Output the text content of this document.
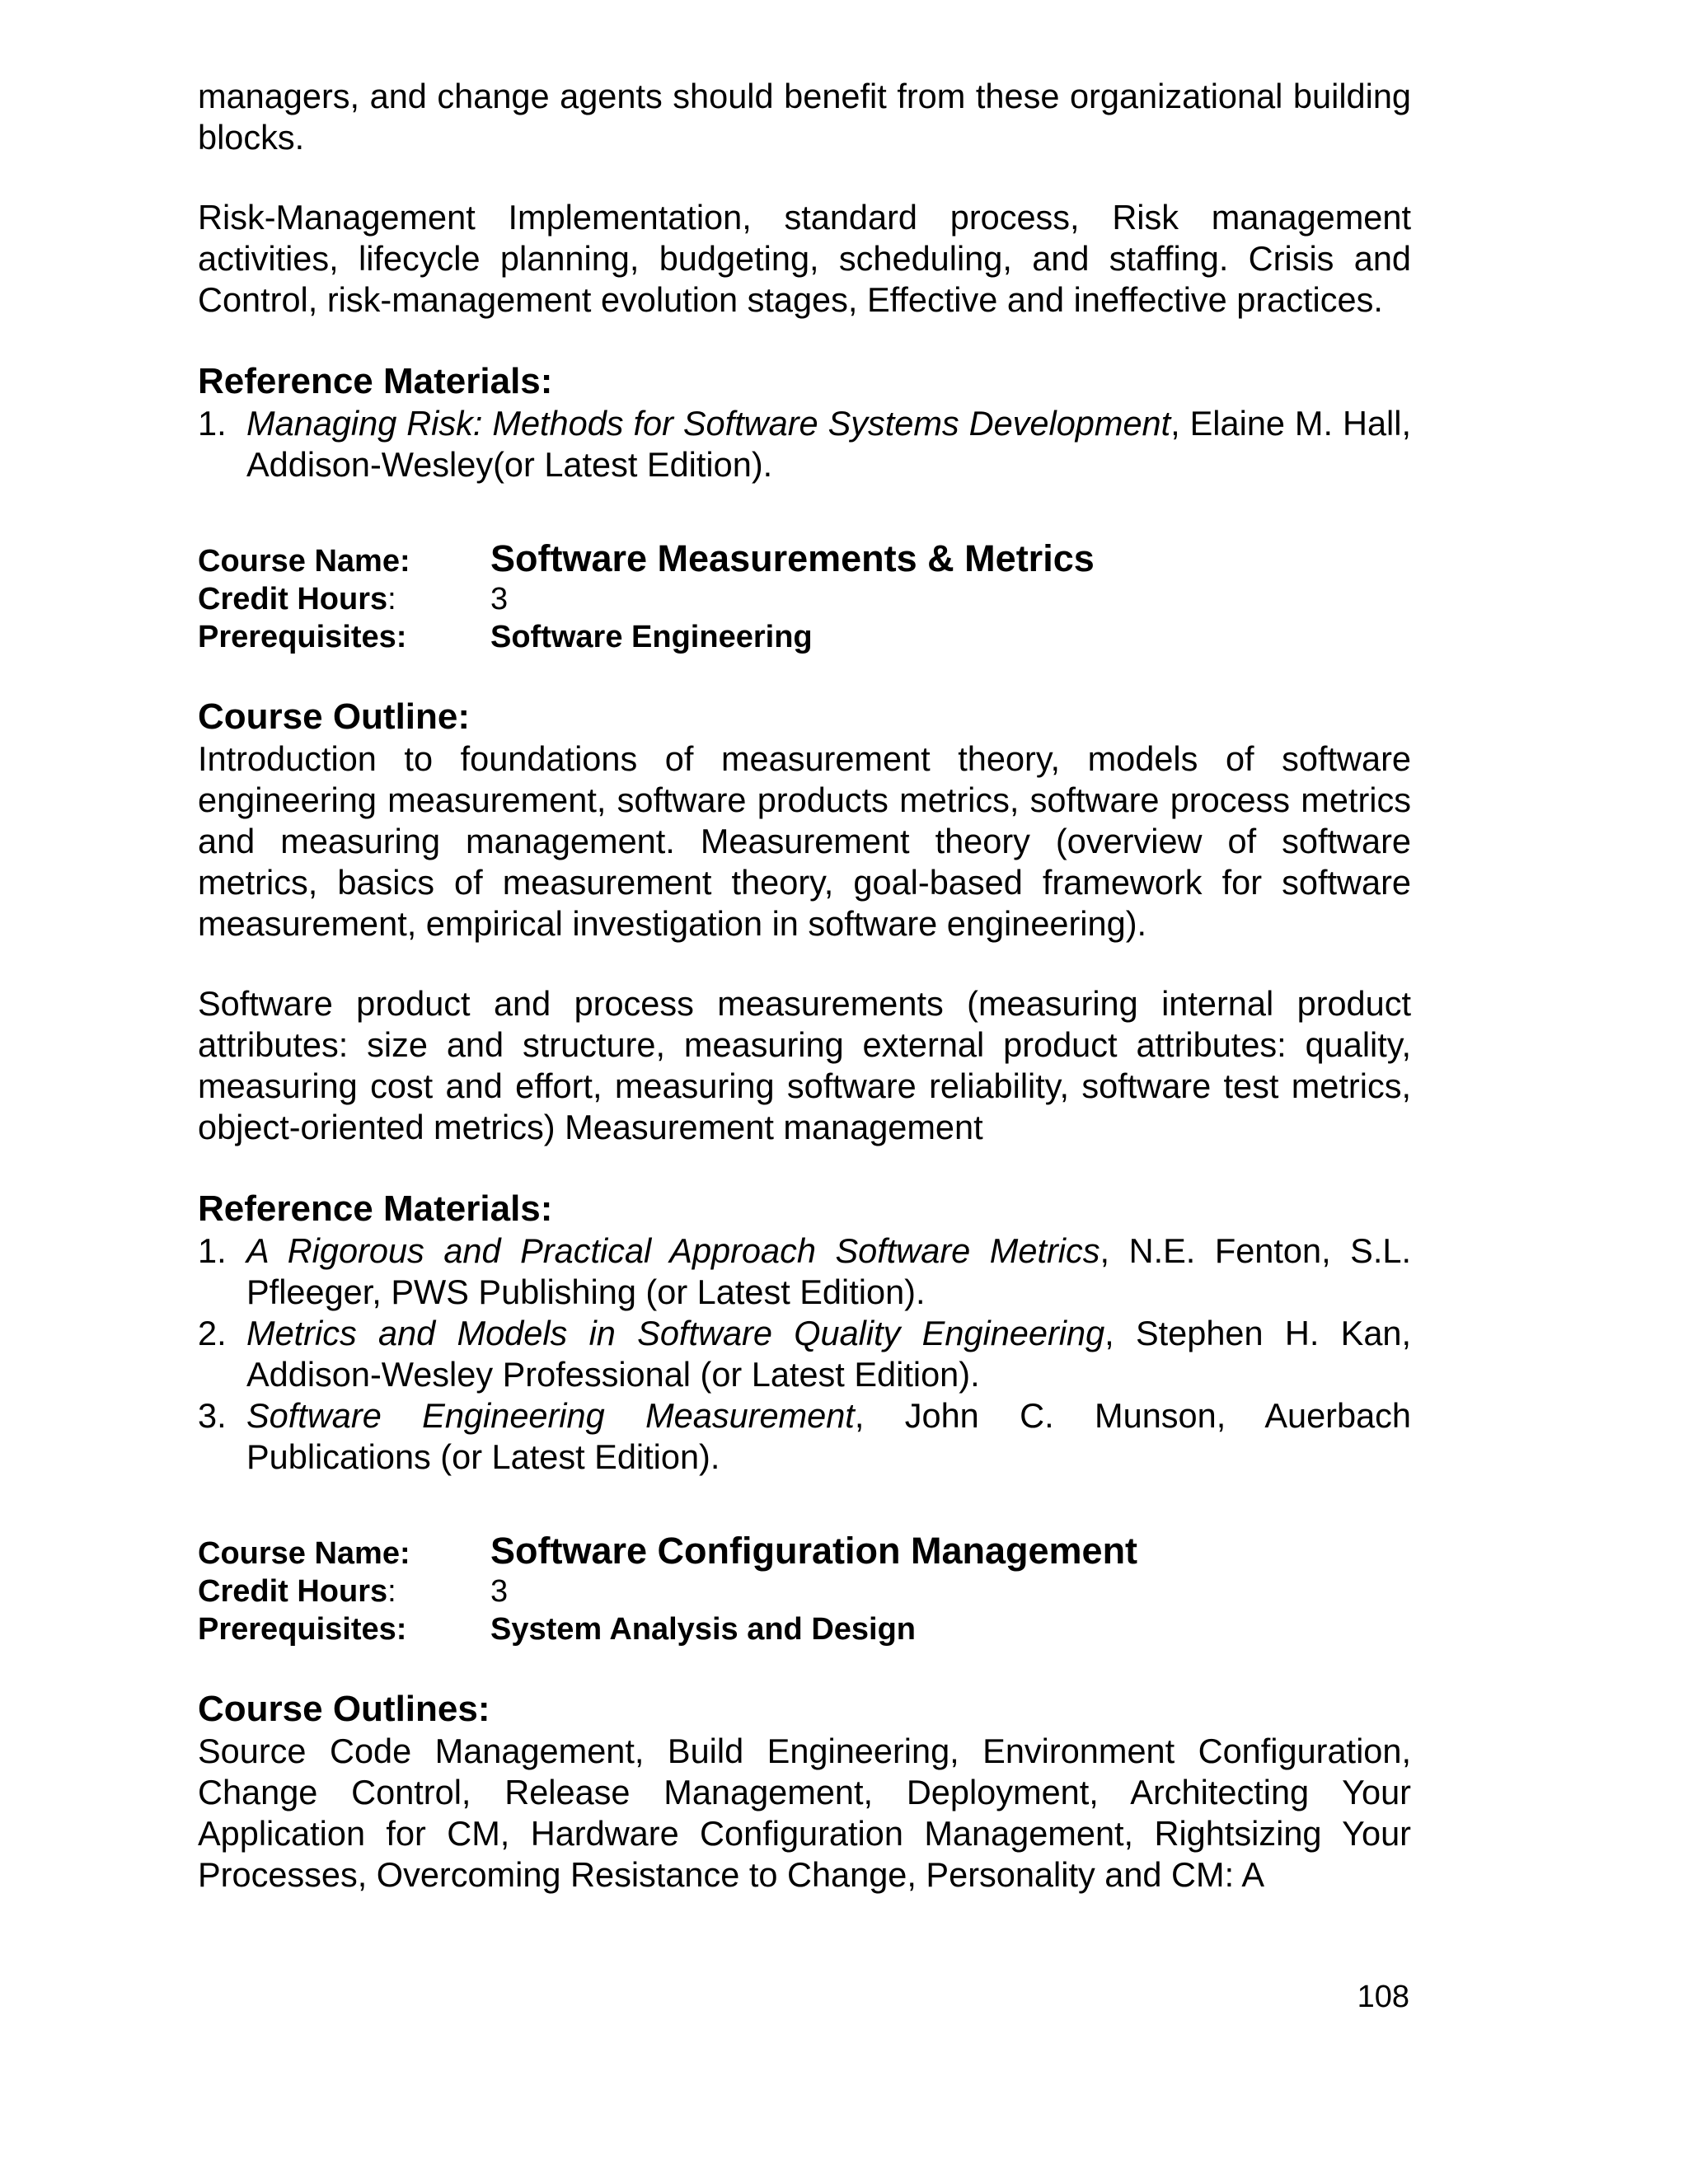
managers, and change agents should benefit from these organizational building blocks.

Risk-Management Implementation, standard process, Risk management activities, lifecycle planning, budgeting, scheduling, and staffing. Crisis and Control, risk-management evolution stages, Effective and ineffective practices.

Reference Materials:
1. Managing Risk: Methods for Software Systems Development, Elaine M. Hall, Addison-Wesley(or Latest Edition).
Course Name:	Software Measurements & Metrics
Credit Hours:	3
Prerequisites:	Software Engineering
Course Outline:

Introduction to foundations of measurement theory, models of software engineering measurement, software products metrics, software process metrics and measuring management. Measurement theory (overview of software metrics, basics of measurement theory, goal-based framework for software measurement, empirical investigation in software engineering).

Software product and process measurements (measuring internal product attributes: size and structure, measuring external product attributes: quality, measuring cost and effort, measuring software reliability, software test metrics, object-oriented metrics) Measurement management

Reference Materials:
1. A Rigorous and Practical Approach Software Metrics, N.E. Fenton, S.L. Pfleeger, PWS Publishing (or Latest Edition).
2. Metrics and Models in Software Quality Engineering, Stephen H. Kan, Addison-Wesley Professional (or Latest Edition).
3. Software Engineering Measurement, John C. Munson, Auerbach Publications (or Latest Edition).
Course Name:	Software Configuration Management
Credit Hours:	3
Prerequisites:	System Analysis and Design
Course Outlines:

Source Code Management, Build Engineering, Environment Configuration, Change Control, Release Management, Deployment, Architecting Your Application for CM, Hardware Configuration Management, Rightsizing Your Processes, Overcoming Resistance to Change, Personality and CM: A

108
